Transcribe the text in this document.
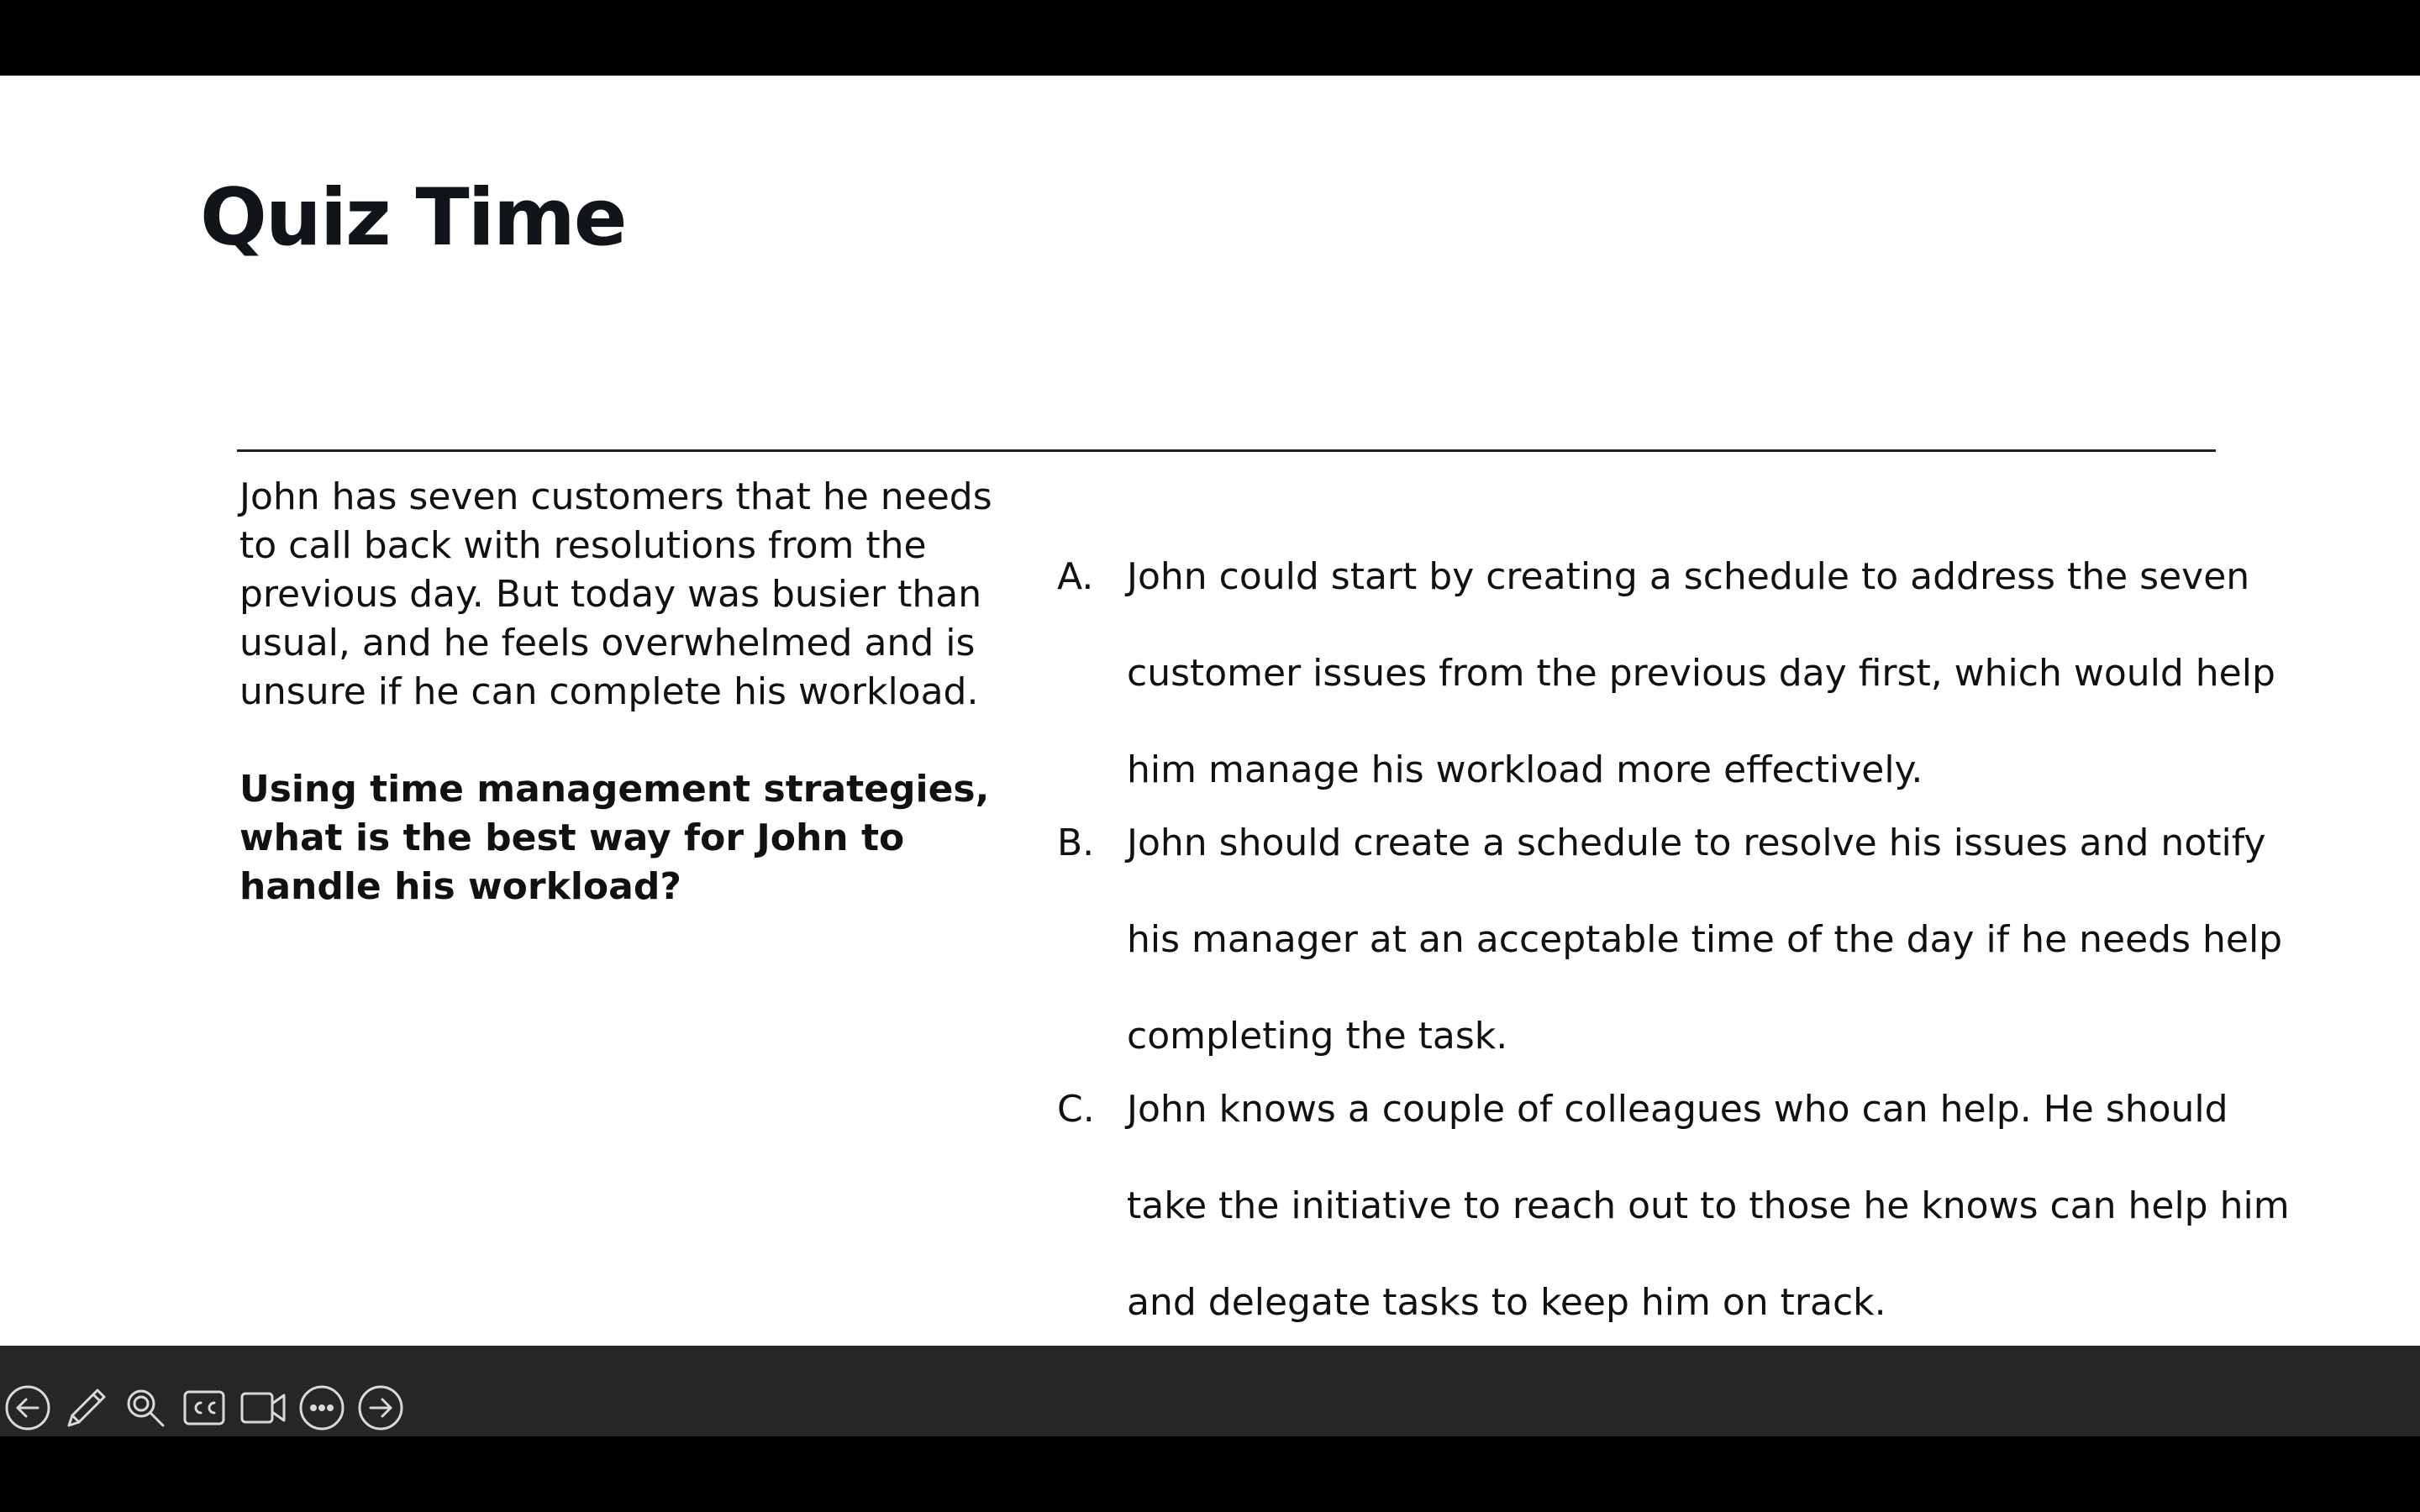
Quiz Time

John has seven customers that he needs to call back with resolutions from the previous day. But today was busier than usual, and he feels overwhelmed and is unsure if he can complete his workload.

Using time management strategies, what is the best way for John to handle his workload?

A. John could start by creating a schedule to address the seven customer issues from the previous day first, which would help him manage his workload more effectively.
B. John should create a schedule to resolve his issues and notify his manager at an acceptable time of the day if he needs help completing the task.
C. John knows a couple of colleagues who can help. He should take the initiative to reach out to those he knows can help him and delegate tasks to keep him on track.
